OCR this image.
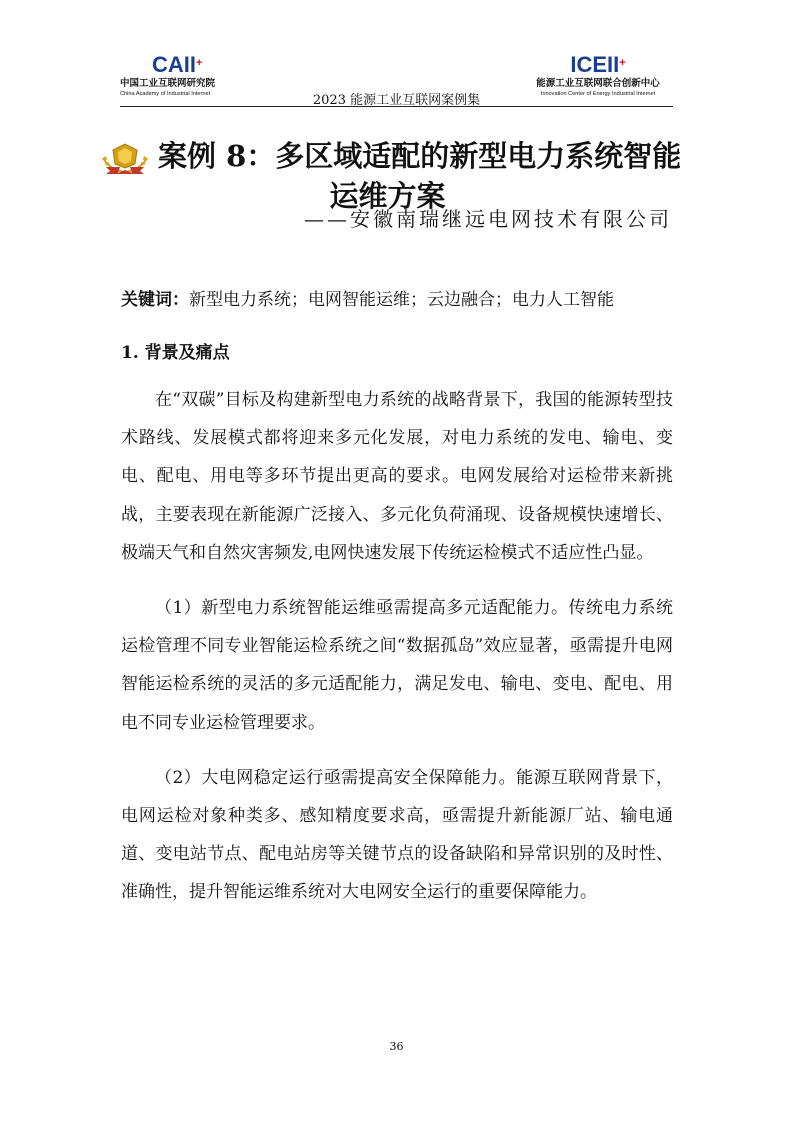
CAII+
中国工业互联网研究院
China Academy of Industrial Internet	2023 能源工业互联网案例集
ICEII+
能源工业互联网联合创新中心
Innovation Center of Energy Industrial Internet
案例 8：多区域适配的新型电力系统智能
运维方案
——安徽南瑞继远电网技术有限公司
关键词：新型电力系统；电网智能运维；云边融合；电力人工智能
1. 背景及痛点

在“双碳”目标及构建新型电力系统的战略背景下，我国的能源转型技术路线、发展模式都将迎来多元化发展，对电力系统的发电、输电、变电、配电、用电等多环节提出更高的要求。电网发展给对运检带来新挑战，主要表现在新能源广泛接入、多元化负荷涌现、设备规模快速增长、极端天气和自然灾害频发,电网快速发展下传统运检模式不适应性凸显。

（1）新型电力系统智能运维亟需提高多元适配能力。传统电力系统运检管理不同专业智能运检系统之间“数据孤岛”效应显著，亟需提升电网智能运检系统的灵活的多元适配能力，满足发电、输电、变电、配电、用电不同专业运检管理要求。

（2）大电网稳定运行亟需提高安全保障能力。能源互联网背景下，电网运检对象种类多、感知精度要求高，亟需提升新能源厂站、输电通道、变电站节点、配电站房等关键节点的设备缺陷和异常识别的及时性、准确性，提升智能运维系统对大电网安全运行的重要保障能力。

36
